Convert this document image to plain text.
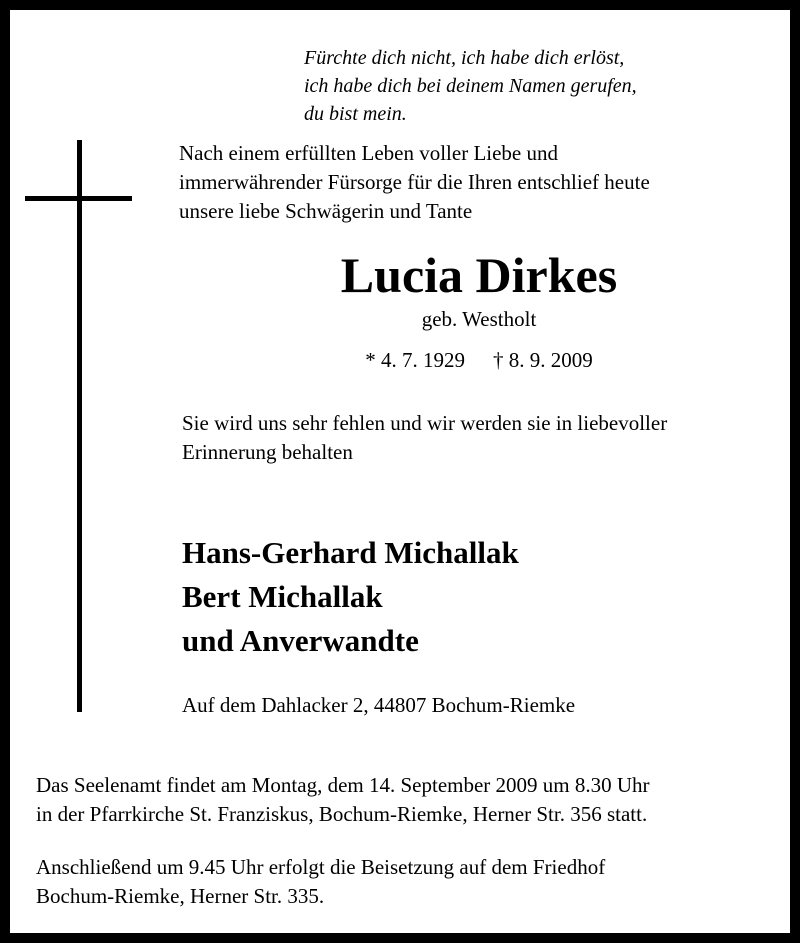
Fürchte dich nicht, ich habe dich erlöst,
ich habe dich bei deinem Namen gerufen,
du bist mein.
Nach einem erfüllten Leben voller Liebe und
immerwährender Fürsorge für die Ihren entschlief heute
unsere liebe Schwägerin und Tante
Lucia Dirkes
geb. Westholt
* 4. 7. 1929 † 8. 9. 2009
Sie wird uns sehr fehlen und wir werden sie in liebevoller
Erinnerung behalten
Hans-Gerhard Michallak
Bert Michallak
und Anverwandte
Auf dem Dahlacker 2, 44807 Bochum-Riemke
Das Seelenamt findet am Montag, dem 14. September 2009 um 8.30 Uhr
in der Pfarrkirche St. Franziskus, Bochum-Riemke, Herner Str. 356 statt.
Anschließend um 9.45 Uhr erfolgt die Beisetzung auf dem Friedhof
Bochum-Riemke, Herner Str. 335.
